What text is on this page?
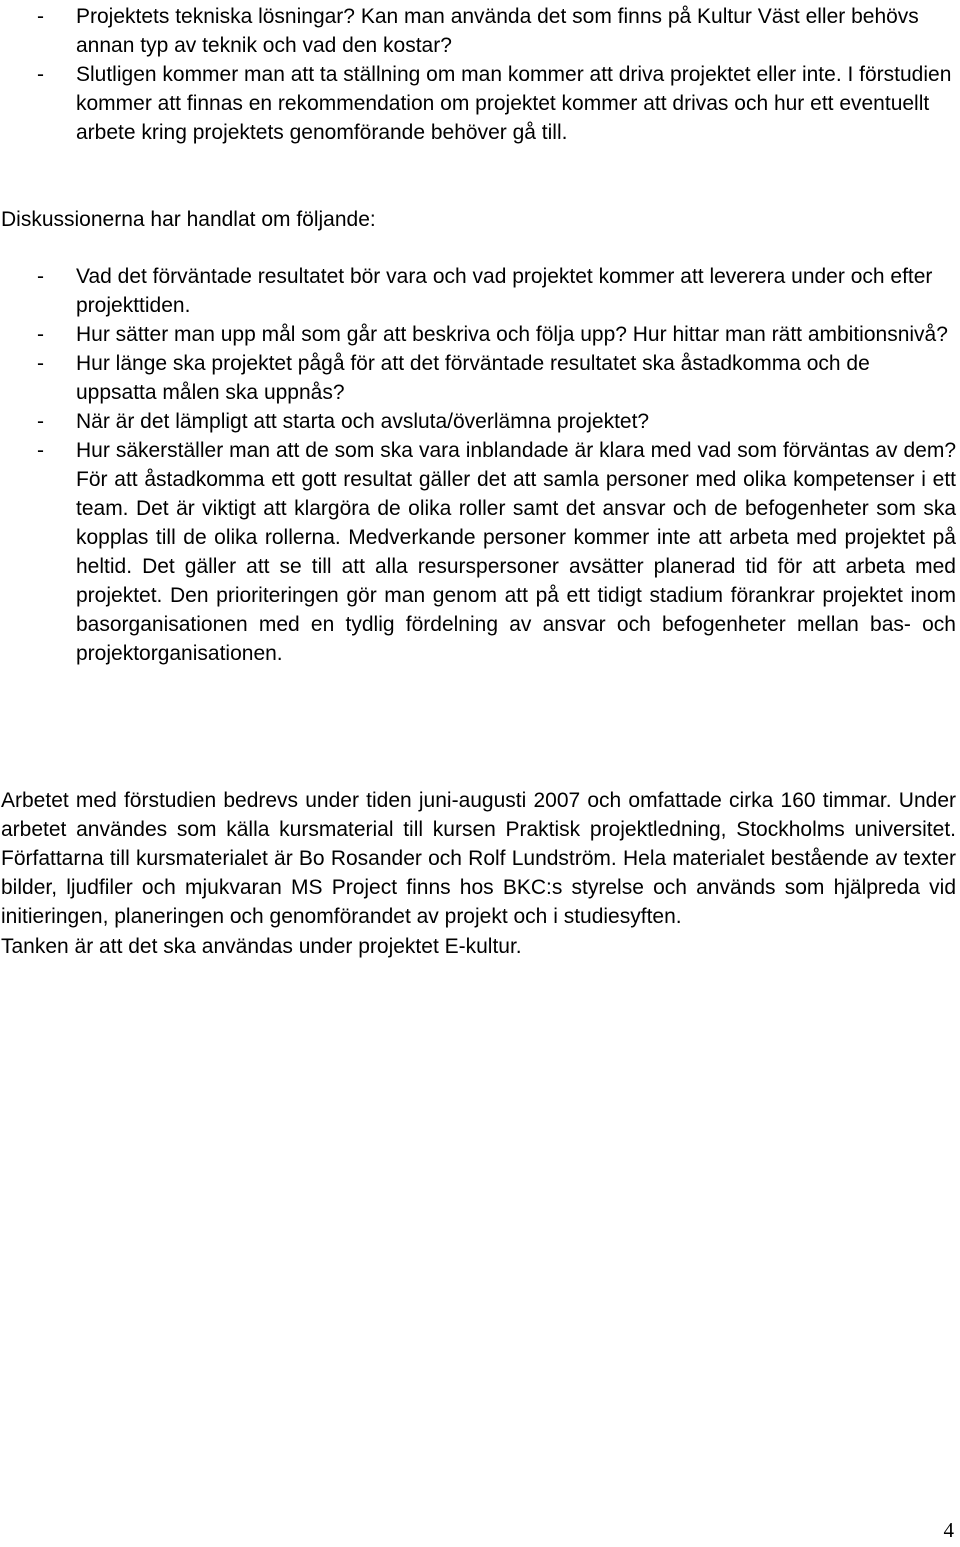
- Projektets tekniska lösningar? Kan man använda det som finns på Kultur Väst eller behövs annan typ av teknik och vad den kostar?
- Slutligen kommer man att ta ställning om man kommer att driva projektet eller inte. I förstudien kommer att finnas en rekommendation om projektet kommer att drivas och hur ett eventuellt arbete kring projektets genomförande behöver gå till.

Diskussionerna har handlat om följande:

- Vad det förväntade resultatet bör vara och vad projektet kommer att leverera under och efter projekttiden.
- Hur sätter man upp mål som går att beskriva och följa upp? Hur hittar man rätt ambitionsnivå?
- Hur länge ska projektet pågå för att det förväntade resultatet ska åstadkomma och de uppsatta målen ska uppnås?
- När är det lämpligt att starta och avsluta/överlämna projektet?
- Hur säkerställer man att de som ska vara inblandade är klara med vad som förväntas av dem? För att åstadkomma ett gott resultat gäller det att samla personer med olika kompetenser i ett team. Det är viktigt att klargöra de olika roller samt det ansvar och de befogenheter som ska kopplas till de olika rollerna. Medverkande personer kommer inte att arbeta med projektet på heltid. Det gäller att se till att alla resurspersoner avsätter planerad tid för att arbeta med projektet. Den prioriteringen gör man genom att på ett tidigt stadium förankrar projektet inom basorganisationen med en tydlig fördelning av ansvar och befogenheter mellan bas- och projektorganisationen.

Arbetet med förstudien bedrevs under tiden juni-augusti 2007 och omfattade cirka 160 timmar. Under arbetet användes som källa kursmaterial till kursen Praktisk projektledning, Stockholms universitet. Författarna till kursmaterialet är Bo Rosander och Rolf Lundström. Hela materialet bestående av texter bilder, ljudfiler och mjukvaran MS Project finns hos BKC:s styrelse och används som hjälpreda vid initieringen, planeringen och genomförandet av projekt och i studiesyften.

Tanken är att det ska användas under projektet E-kultur.

4
